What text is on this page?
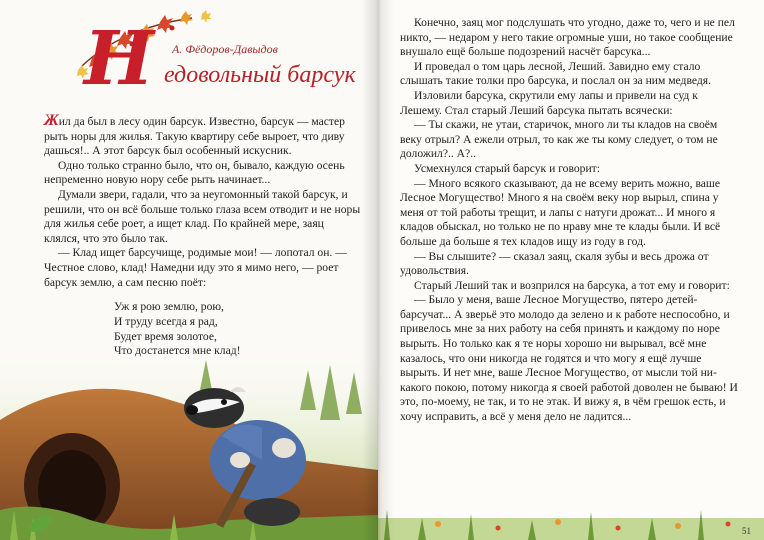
Н А. Фёдоров-Давыдов
едовольный барсук

Жил да был в лесу один барсук. Известно, барсук — мастер рыть норы для жилья. Такую квартиру себе выроет, что диву дашься!.. А этот барсук был особенный искусник.

Одно только странно было, что он, бывало, каждую осень непременно новую нору себе рыть начинает...

Думали звери, гадали, что за неугомонный такой барсук, и решили, что он всё больше только глаза всем отводит и не норы для жилья себе роет, а ищет клад. По крайней мере, заяц клялся, что это было так.

— Клад ищет барсучище, родимые мои! — лопотал он. — Честное слово, клад! Намедни иду это я мимо него, — роет барсук землю, а сам песню поёт:

Уж я рою землю, рою,
И труду всегда я рад,
Будет время золотое,

Конечно, заяц мог подслушать что угодно, даже то, чего и не пел никто, — недаром у него такие огромные уши, но такое сообщение внушало ещё больше подозрений насчёт барсука...

И проведал о том царь лесной, Леший. Завидно ему стало слышать такие толки про барсука, и послал он за ним медведя.

Изловили барсука, скрутили ему лапы и привели на суд к Лешему. Стал старый Леший барсука пытать всячески:

— Ты скажи, не утаи, старичок, много ли ты кладов на своём веку отрыл? А ежели отрыл, то как же ты кому следует, о том не доложил?.. А?..

Усмехнулся старый барсук и говорит:

— Много всякого сказывают, да не всему верить можно, ваше Лесное Могущество! Много я на своём веку нор вырыл, спина у меня от той работы трещит, и лапы с натуги дрожат... И много я кладов обыскал, но только не по нраву мне те клады были. И всё больше да больше я тех кладов ищу из году в год.

— Вы слышите? — сказал заяц, скаля зубы и весь дрожа от удовольствия.

Старый Леший так и возпрился на барсука, а тот ему и говорит:

— Было у меня, ваше Лесное Могущество, пятеро детей-барсучат... А зверьё это молодо да зелено и к работе неспособно, и привелось мне за них работу на себя принять и каждому по норе вырыть. Но только как я те норы хорошо ни вырывал, всё мне казалось, что они никогда не годятся и что могу я ещё лучше вырыть. И нет мне, ваше Лесное Могущество, от мысли той никакого покою, потому никогда я своей работой доволен не бываю! И это, по-моему, не так, и то не этак. И вижу я, в чём грешок есть, и хочу исправить, а всё у меня дело не ладится...

51
